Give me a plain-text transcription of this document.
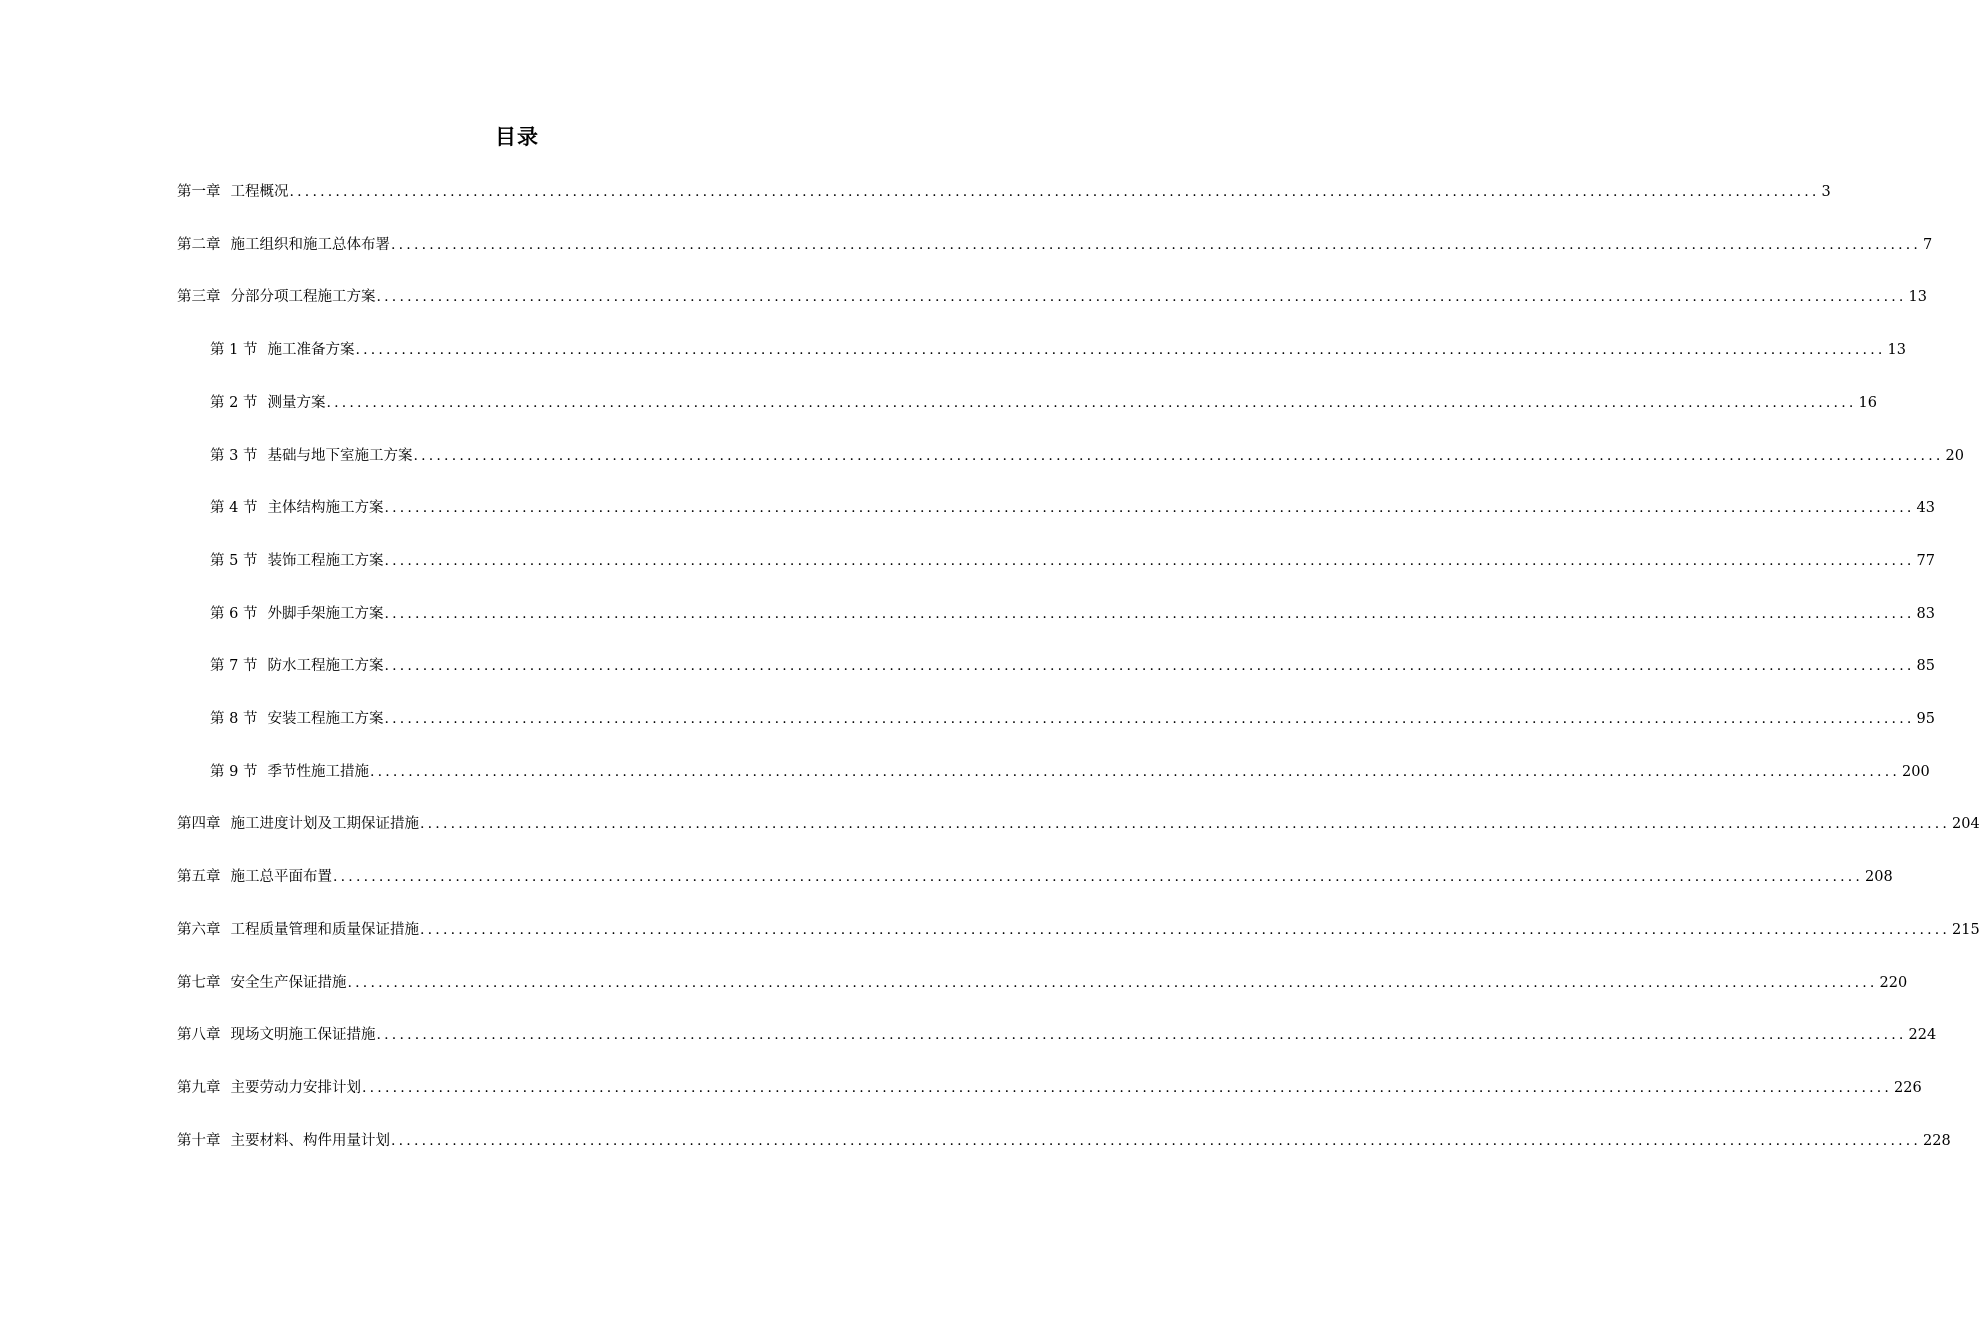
目录
第一章 工程概况 ........................................................................................................................................................................................................ 3
第二章 施工组织和施工总体布署 ........................................................................................................................................................................................................ 7
第三章 分部分项工程施工方案 ........................................................................................................................................................................................................ 13
第 1 节 施工准备方案 ........................................................................................................................................................................................................ 13
第 2 节 测量方案 ........................................................................................................................................................................................................ 16
第 3 节 基础与地下室施工方案 ........................................................................................................................................................................................................ 20
第 4 节 主体结构施工方案 ........................................................................................................................................................................................................ 43
第 5 节 装饰工程施工方案 ........................................................................................................................................................................................................ 77
第 6 节 外脚手架施工方案 ........................................................................................................................................................................................................ 83
第 7 节 防水工程施工方案 ........................................................................................................................................................................................................ 85
第 8 节 安装工程施工方案 ........................................................................................................................................................................................................ 95
第 9 节 季节性施工措施 ........................................................................................................................................................................................................ 200
第四章 施工进度计划及工期保证措施 ........................................................................................................................................................................................................ 204
第五章 施工总平面布置 ........................................................................................................................................................................................................ 208
第六章 工程质量管理和质量保证措施 ........................................................................................................................................................................................................ 215
第七章 安全生产保证措施 ........................................................................................................................................................................................................ 220
第八章 现场文明施工保证措施 ........................................................................................................................................................................................................ 224
第九章 主要劳动力安排计划 ........................................................................................................................................................................................................ 226
第十章 主要材料、构件用量计划 ........................................................................................................................................................................................................ 228
